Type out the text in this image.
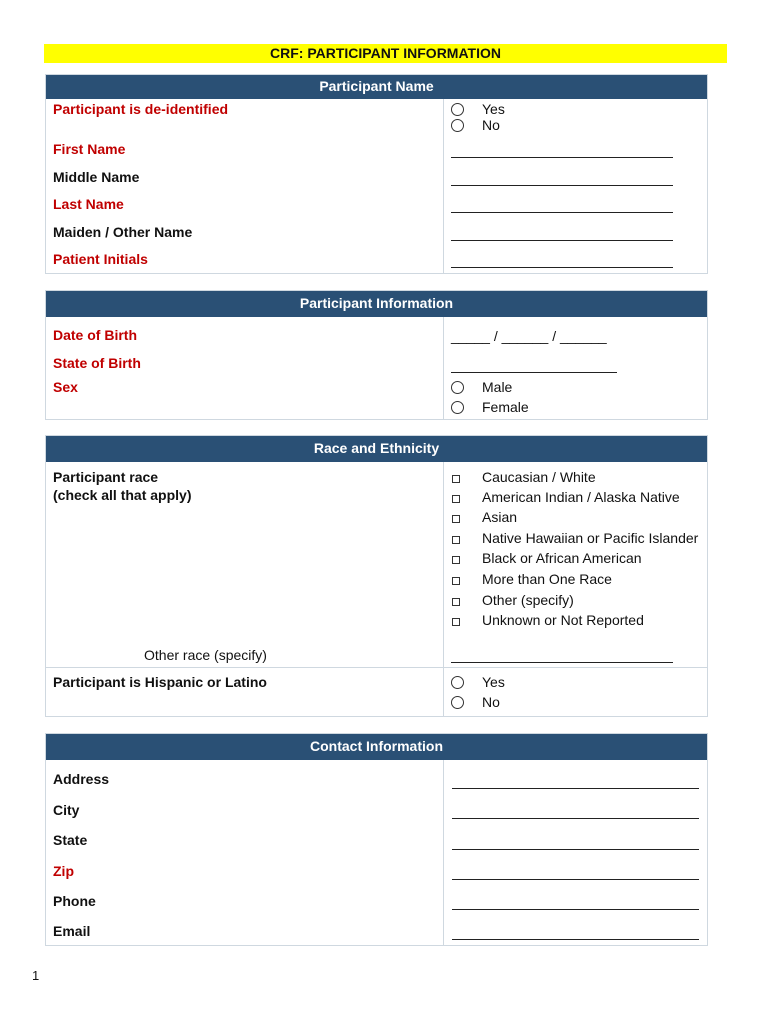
CRF: PARTICIPANT INFORMATION
Participant Name
Participant is de-identified	Yes
No
First Name
Middle Name
Last Name
Maiden / Other Name
Patient Initials
Participant Information
Date of Birth	_____ / ______ / ______
State of Birth
Sex	Male
Female
Race and Ethnicity
Participant race
(check all that apply)
Caucasian / White
American Indian / Alaska Native
Asian
Native Hawaiian or Pacific Islander
Black or African American
More than One Race
Other (specify)
Unknown or Not Reported
Other race (specify)
Participant is Hispanic or Latino	Yes
No
Contact Information
Address
City
State
Zip
Phone
Email
1
